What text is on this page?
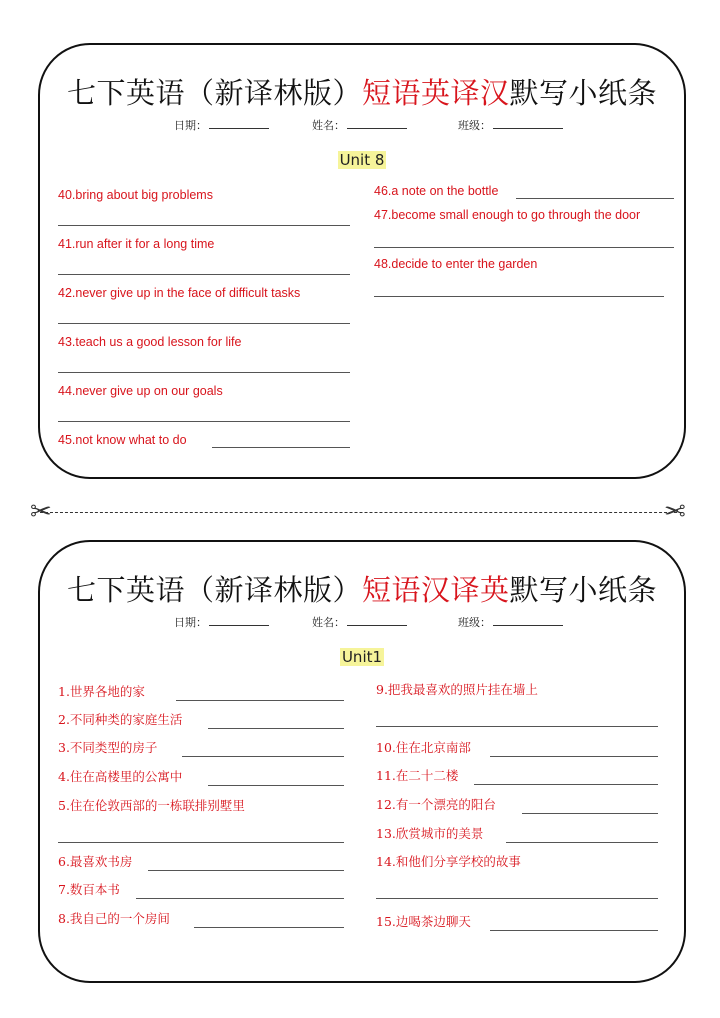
七下英语（新译林版）短语英译汉默写小纸条
日期：	姓名：	班级：
Unit 8
40.bring about big problems
41.run after it for a long time
42.never give up in the face of difficult tasks
43.teach us a good lesson for life
44.never give up on our goals
45.not know what to do
46.a note on the bottle
47.become small enough to go through the door
48.decide to enter the garden
✂	✂
七下英语（新译林版）短语汉译英默写小纸条
日期：	姓名：	班级：
Unit1
1.世界各地的家
2.不同种类的家庭生活
3.不同类型的房子
4.住在高楼里的公寓中
5.住在伦敦西部的一栋联排别墅里
6.最喜欢书房
7.数百本书
8.我自己的一个房间
9.把我最喜欢的照片挂在墙上
10.住在北京南部
11.在二十二楼
12.有一个漂亮的阳台
13.欣赏城市的美景
14.和他们分享学校的故事
15.边喝茶边聊天
